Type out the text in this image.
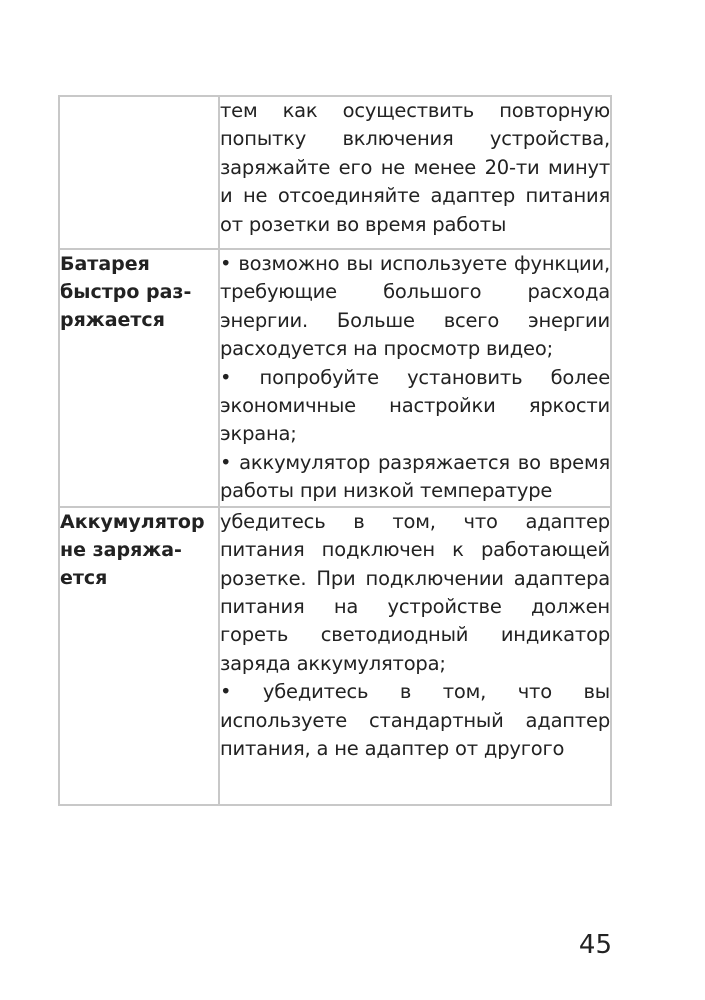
	тем как осуществить повторную попытку включения устройства, заряжайте его не менее 20-ти минут и не отсоединяйте адаптер питания от розетки во время работы

Батарея быстро раз-ряжается	• возможно вы используете функции, требующие большого расхода энергии. Больше всего энергии расходуется на просмотр видео;
• попробуйте установить более экономичные настройки яркости экрана;
• аккумулятор разряжается во время работы при низкой температуре

Аккумулятор не заряжа-ется	убедитесь в том, что адаптер питания подключен к работающей розетке. При подключении адаптера питания на устройстве должен гореть светодиодный индикатор заряда аккумулятора;
• убедитесь в том, что вы используете стандартный адаптер питания, а не адаптер от другого
45
